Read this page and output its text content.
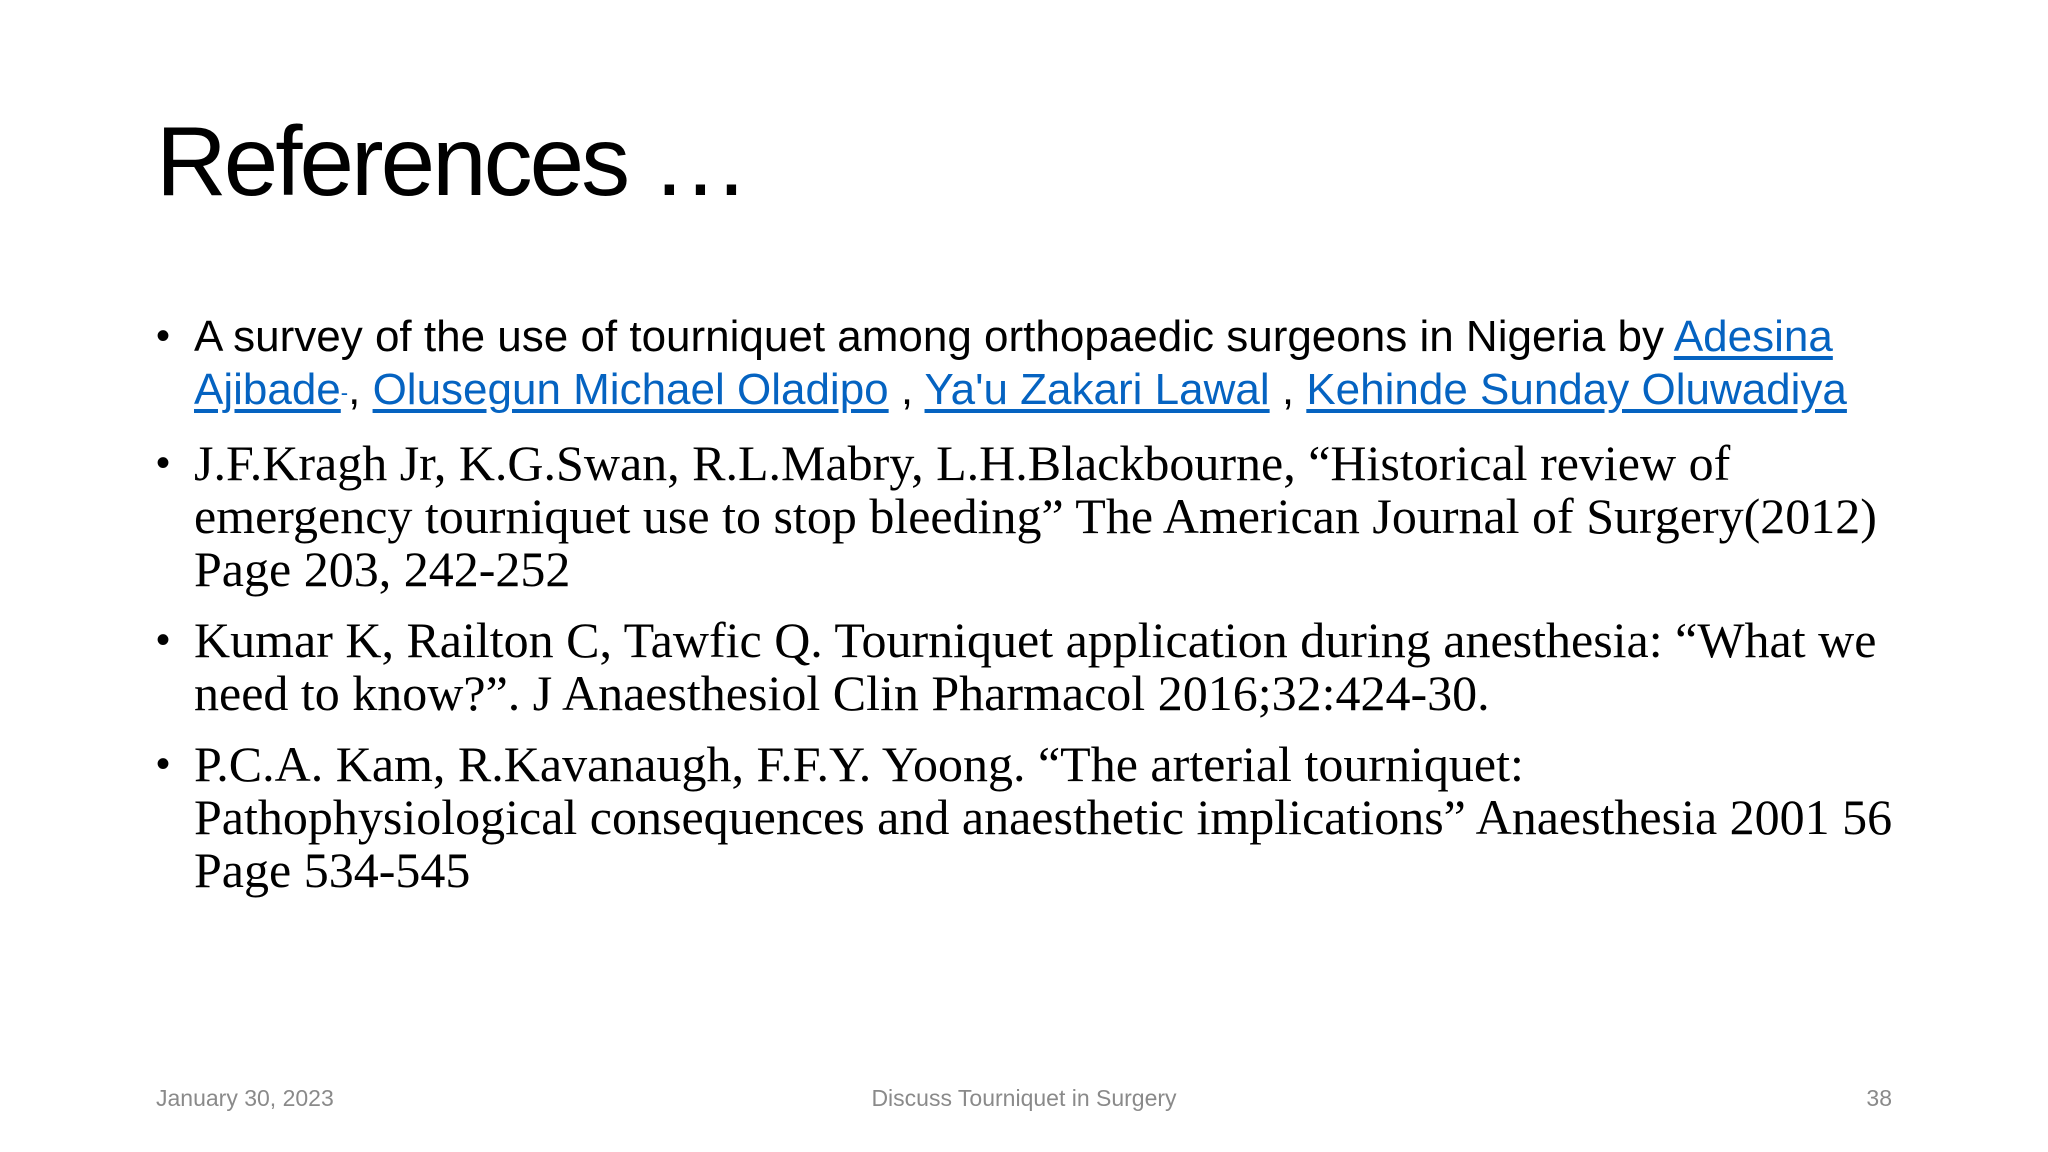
References …
• A survey of the use of tourniquet among orthopaedic surgeons in Nigeria by Adesina Ajibade-, Olusegun Michael Oladipo , Ya'u Zakari Lawal , Kehinde Sunday Oluwadiya
• J.F.Kragh Jr, K.G.Swan, R.L.Mabry, L.H.Blackbourne, “Historical review of emergency tourniquet use to stop bleeding” The American Journal of Surgery(2012) Page 203, 242-252
• Kumar K, Railton C, Tawfic Q. Tourniquet application during anesthesia: “What we need to know?”. J Anaesthesiol Clin Pharmacol 2016;32:424-30.
• P.C.A. Kam, R.Kavanaugh, F.F.Y. Yoong. “The arterial tourniquet: Pathophysiological consequences and anaesthetic implications” Anaesthesia 2001 56 Page 534-545
January 30, 2023	Discuss Tourniquet in Surgery	38
